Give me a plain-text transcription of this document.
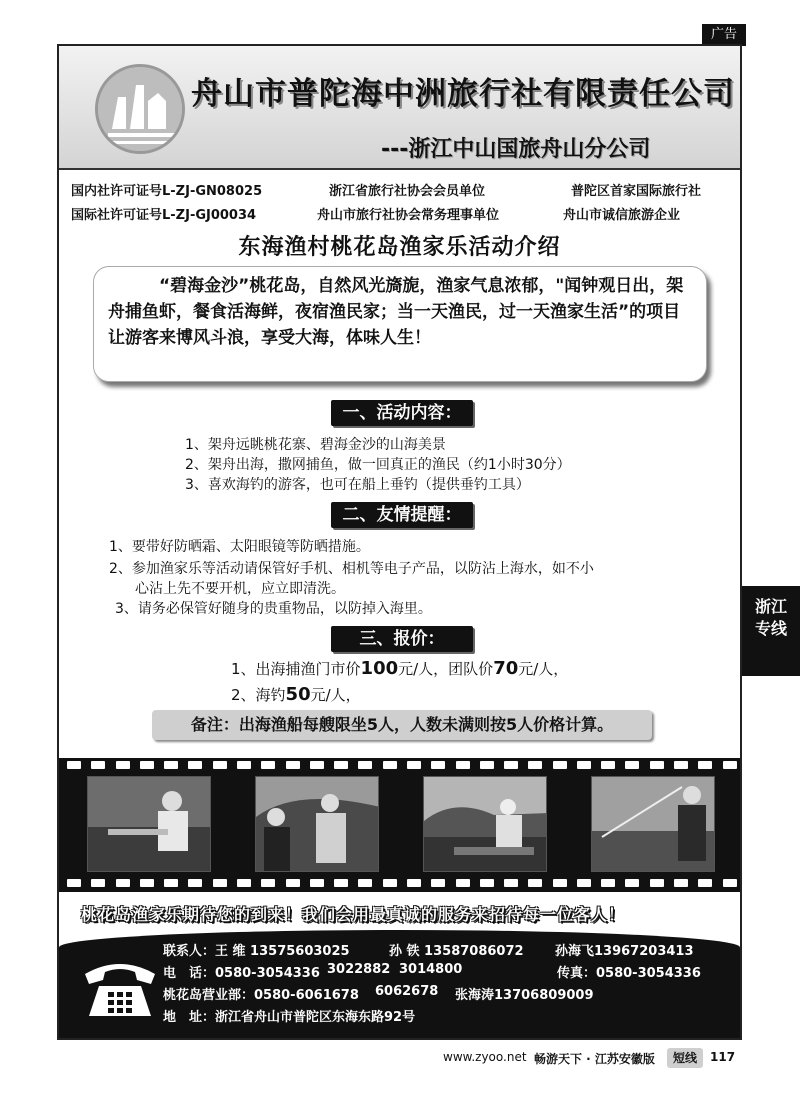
广告
舟山市普陀海中洲旅行社有限责任公司
---浙江中山国旅舟山分公司
国内社许可证号L-ZJ-GN08025	浙江省旅行社协会会员单位	普陀区首家国际旅行社
国际社许可证号L-ZJ-GJ00034	舟山市旅行社协会常务理事单位	舟山市诚信旅游企业
东海渔村桃花岛渔家乐活动介绍

“碧海金沙”桃花岛，自然风光旖旎，渔家气息浓郁，"闻钟观日出，架舟捕鱼虾，餐食活海鲜，夜宿渔民家；当一天渔民，过一天渔家生活”的项目让游客来博风斗浪，享受大海，体味人生！

一、活动内容：
1、架舟远眺桃花寨、碧海金沙的山海美景
2、架舟出海，撒网捕鱼，做一回真正的渔民（约1小时30分）
3、喜欢海钓的游客，也可在船上垂钓（提供垂钓工具）
二、友情提醒：
1、要带好防晒霜、太阳眼镜等防晒措施。
2、参加渔家乐等活动请保管好手机、相机等电子产品，以防沾上海水，如不小
心沾上先不要开机，应立即清洗。
3、请务必保管好随身的贵重物品，以防掉入海里。
三、报价：
1、出海捕渔门市价100元/人，团队价70元/人，
2、海钓50元/人，
备注：出海渔船每艘限坐5人，人数未满则按5人价格计算。
桃花岛渔家乐期待您的到来！我们会用最真诚的服务来招待每一位客人！
联系人：王 维 13575603025	孙 铁 13587086072 孙海飞13967203413
电　话：0580-3054336 3022882 3014800	传真：0580-3054336
桃花岛营业部：0580-6061678 6062678 张海涛13706809009
地　址：浙江省舟山市普陀区东海东路92号
浙江专线
www.zyoo.net 畅游天下 · 江苏安徽版	短线	117
